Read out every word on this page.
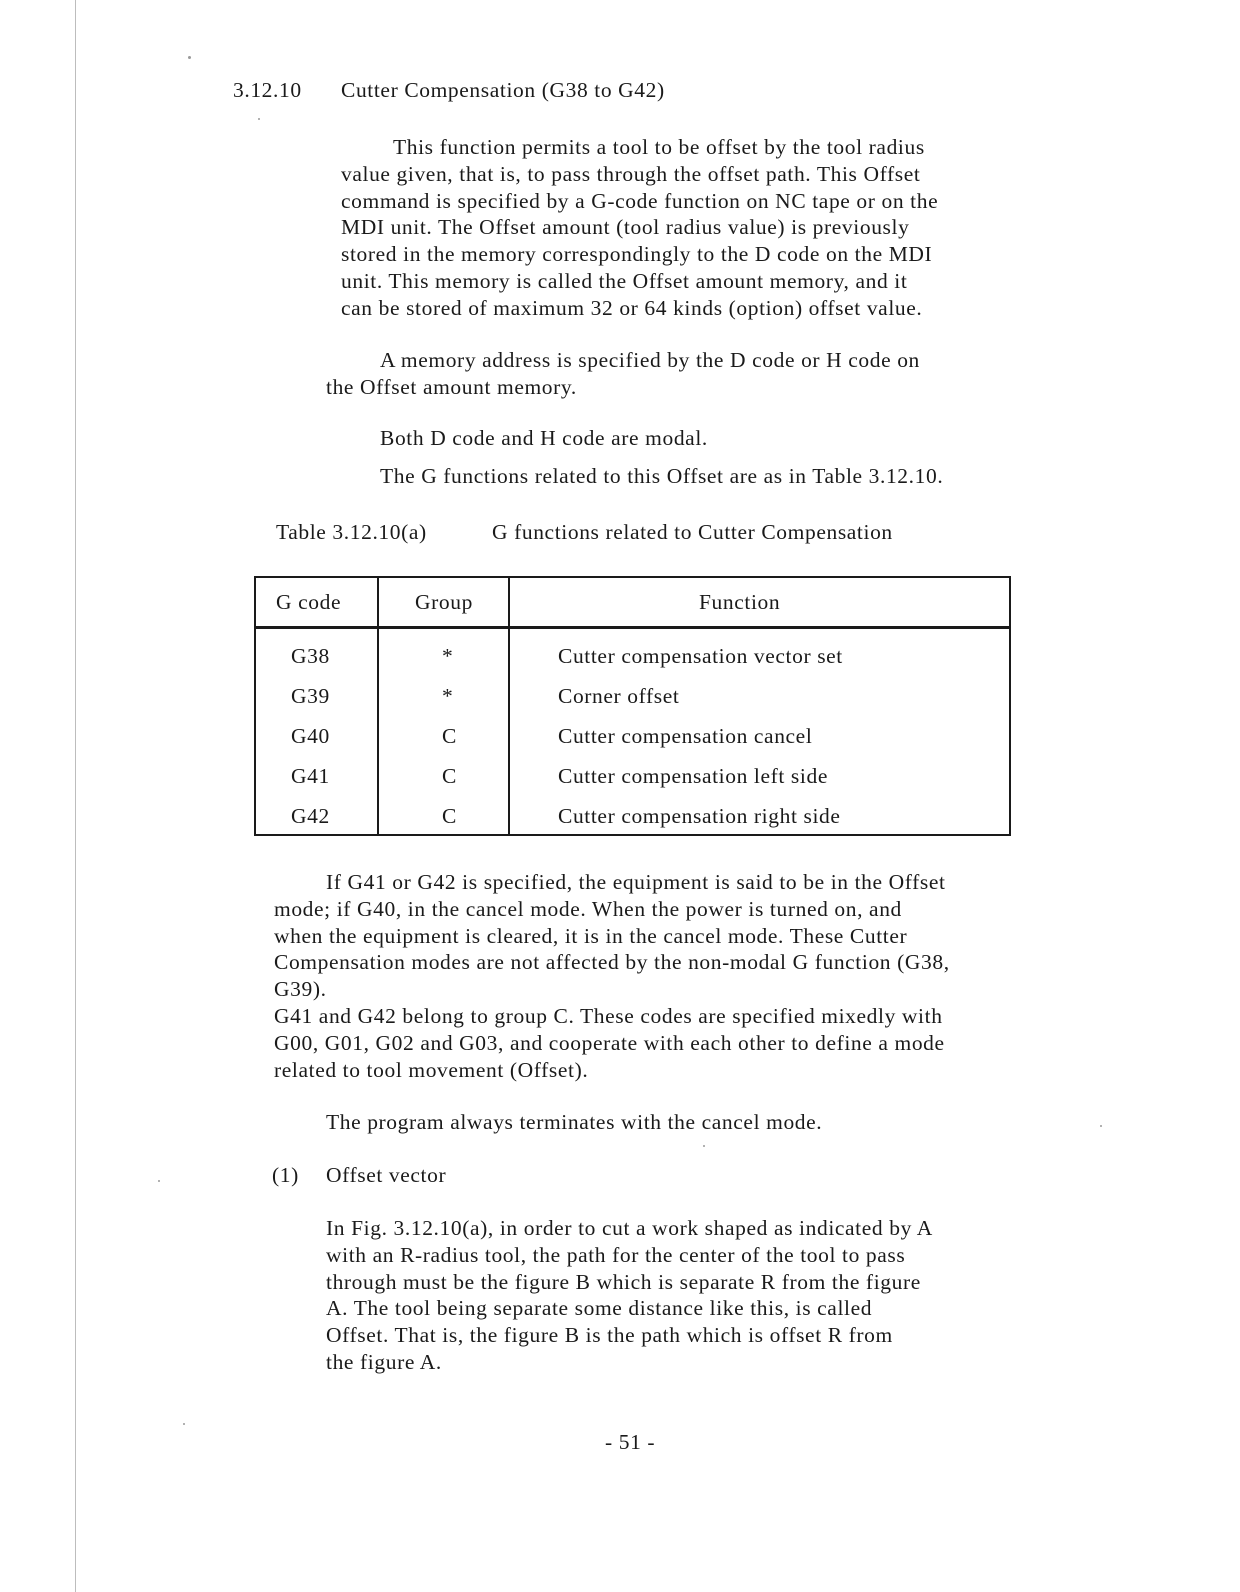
3.12.10 Cutter Compensation (G38 to G42)

This function permits a tool to be offset by the tool radius
value given, that is, to pass through the offset path. This Offset
command is specified by a G-code function on NC tape or on the
MDI unit. The Offset amount (tool radius value) is previously
stored in the memory correspondingly to the D code on the MDI
unit. This memory is called the Offset amount memory, and it
can be stored of maximum 32 or 64 kinds (option) offset value.

A memory address is specified by the D code or H code on
the Offset amount memory.

Both D code and H code are modal.
The G functions related to this Offset are as in Table 3.12.10.
Table 3.12.10(a)	G functions related to Cutter Compensation
G code	Group	Function
G38	*	Cutter compensation vector set
G39	*	Corner offset
G40	C	Cutter compensation cancel
G41	C	Cutter compensation left side
G42	C	Cutter compensation right side

If G41 or G42 is specified, the equipment is said to be in the Offset
mode; if G40, in the cancel mode. When the power is turned on, and
when the equipment is cleared, it is in the cancel mode. These Cutter
Compensation modes are not affected by the non-modal G function (G38,
G39).
G41 and G42 belong to group C. These codes are specified mixedly with
G00, G01, G02 and G03, and cooperate with each other to define a mode
related to tool movement (Offset).

The program always terminates with the cancel mode.
(1) Offset vector

In Fig. 3.12.10(a), in order to cut a work shaped as indicated by A
with an R-radius tool, the path for the center of the tool to pass
through must be the figure B which is separate R from the figure
A. The tool being separate some distance like this, is called
Offset. That is, the figure B is the path which is offset R from
the figure A.

- 51 -
